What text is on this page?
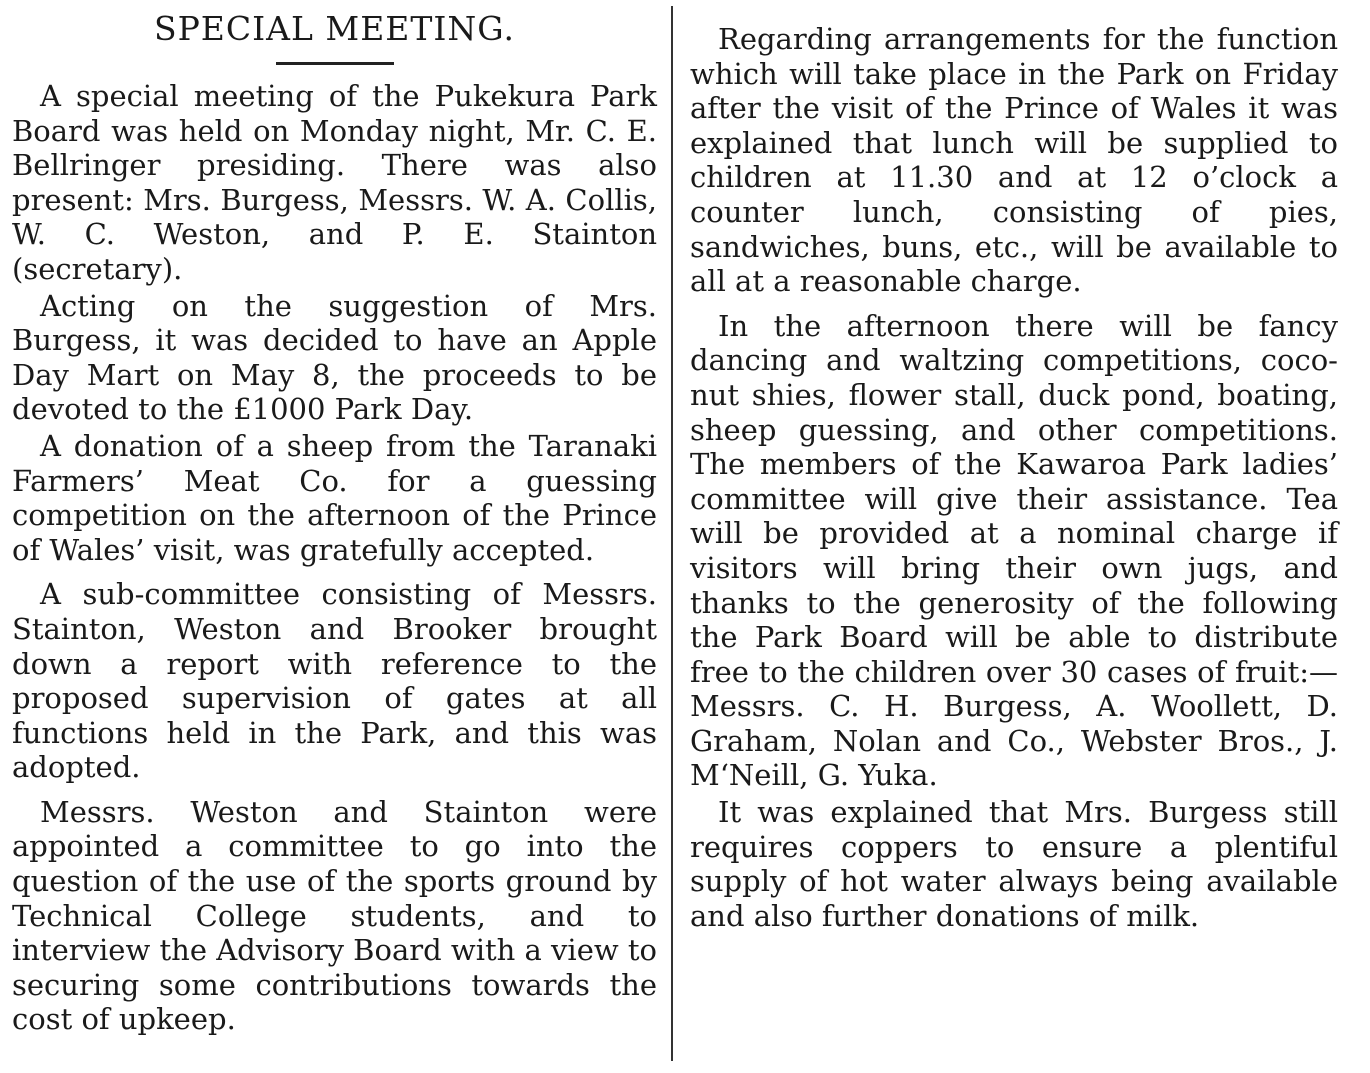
SPECIAL MEETING.

A special meeting of the Pukekura Park Board was held on Monday night, Mr. C. E. Bellringer presiding. There was also present: Mrs. Burgess, Messrs. W. A. Collis, W. C. Weston, and P. E. Stainton (secretary).

Acting on the suggestion of Mrs. Burgess, it was decided to have an Apple Day Mart on May 8, the proceeds to be devoted to the £1000 Park Day.

A donation of a sheep from the Taranaki Farmers’ Meat Co. for a guessing competition on the afternoon of the Prince of Wales’ visit, was gratefully accepted.

A sub-committee consisting of Messrs. Stainton, Weston and Brooker brought down a report with reference to the proposed supervision of gates at all functions held in the Park, and this was adopted.

Messrs. Weston and Stainton were appointed a committee to go into the question of the use of the sports ground by Technical College students, and to interview the Advisory Board with a view to securing some contributions towards the cost of upkeep.

Regarding arrangements for the function which will take place in the Park on Friday after the visit of the Prince of Wales it was explained that lunch will be supplied to children at 11.30 and at 12 o’clock a counter lunch, consisting of pies, sandwiches, buns, etc., will be available to all at a reasonable charge.

In the afternoon there will be fancy dancing and waltzing competitions, coco-nut shies, flower stall, duck pond, boating, sheep guessing, and other competitions. The members of the Kawaroa Park ladies’ committee will give their assistance. Tea will be provided at a nominal charge if visitors will bring their own jugs, and thanks to the generosity of the following the Park Board will be able to distribute free to the children over 30 cases of fruit:—Messrs. C. H. Burgess, A. Woollett, D. Graham, Nolan and Co., Webster Bros., J. M‘Neill, G. Yuka.

It was explained that Mrs. Burgess still requires coppers to ensure a plentiful supply of hot water always being available and also further donations of milk.
